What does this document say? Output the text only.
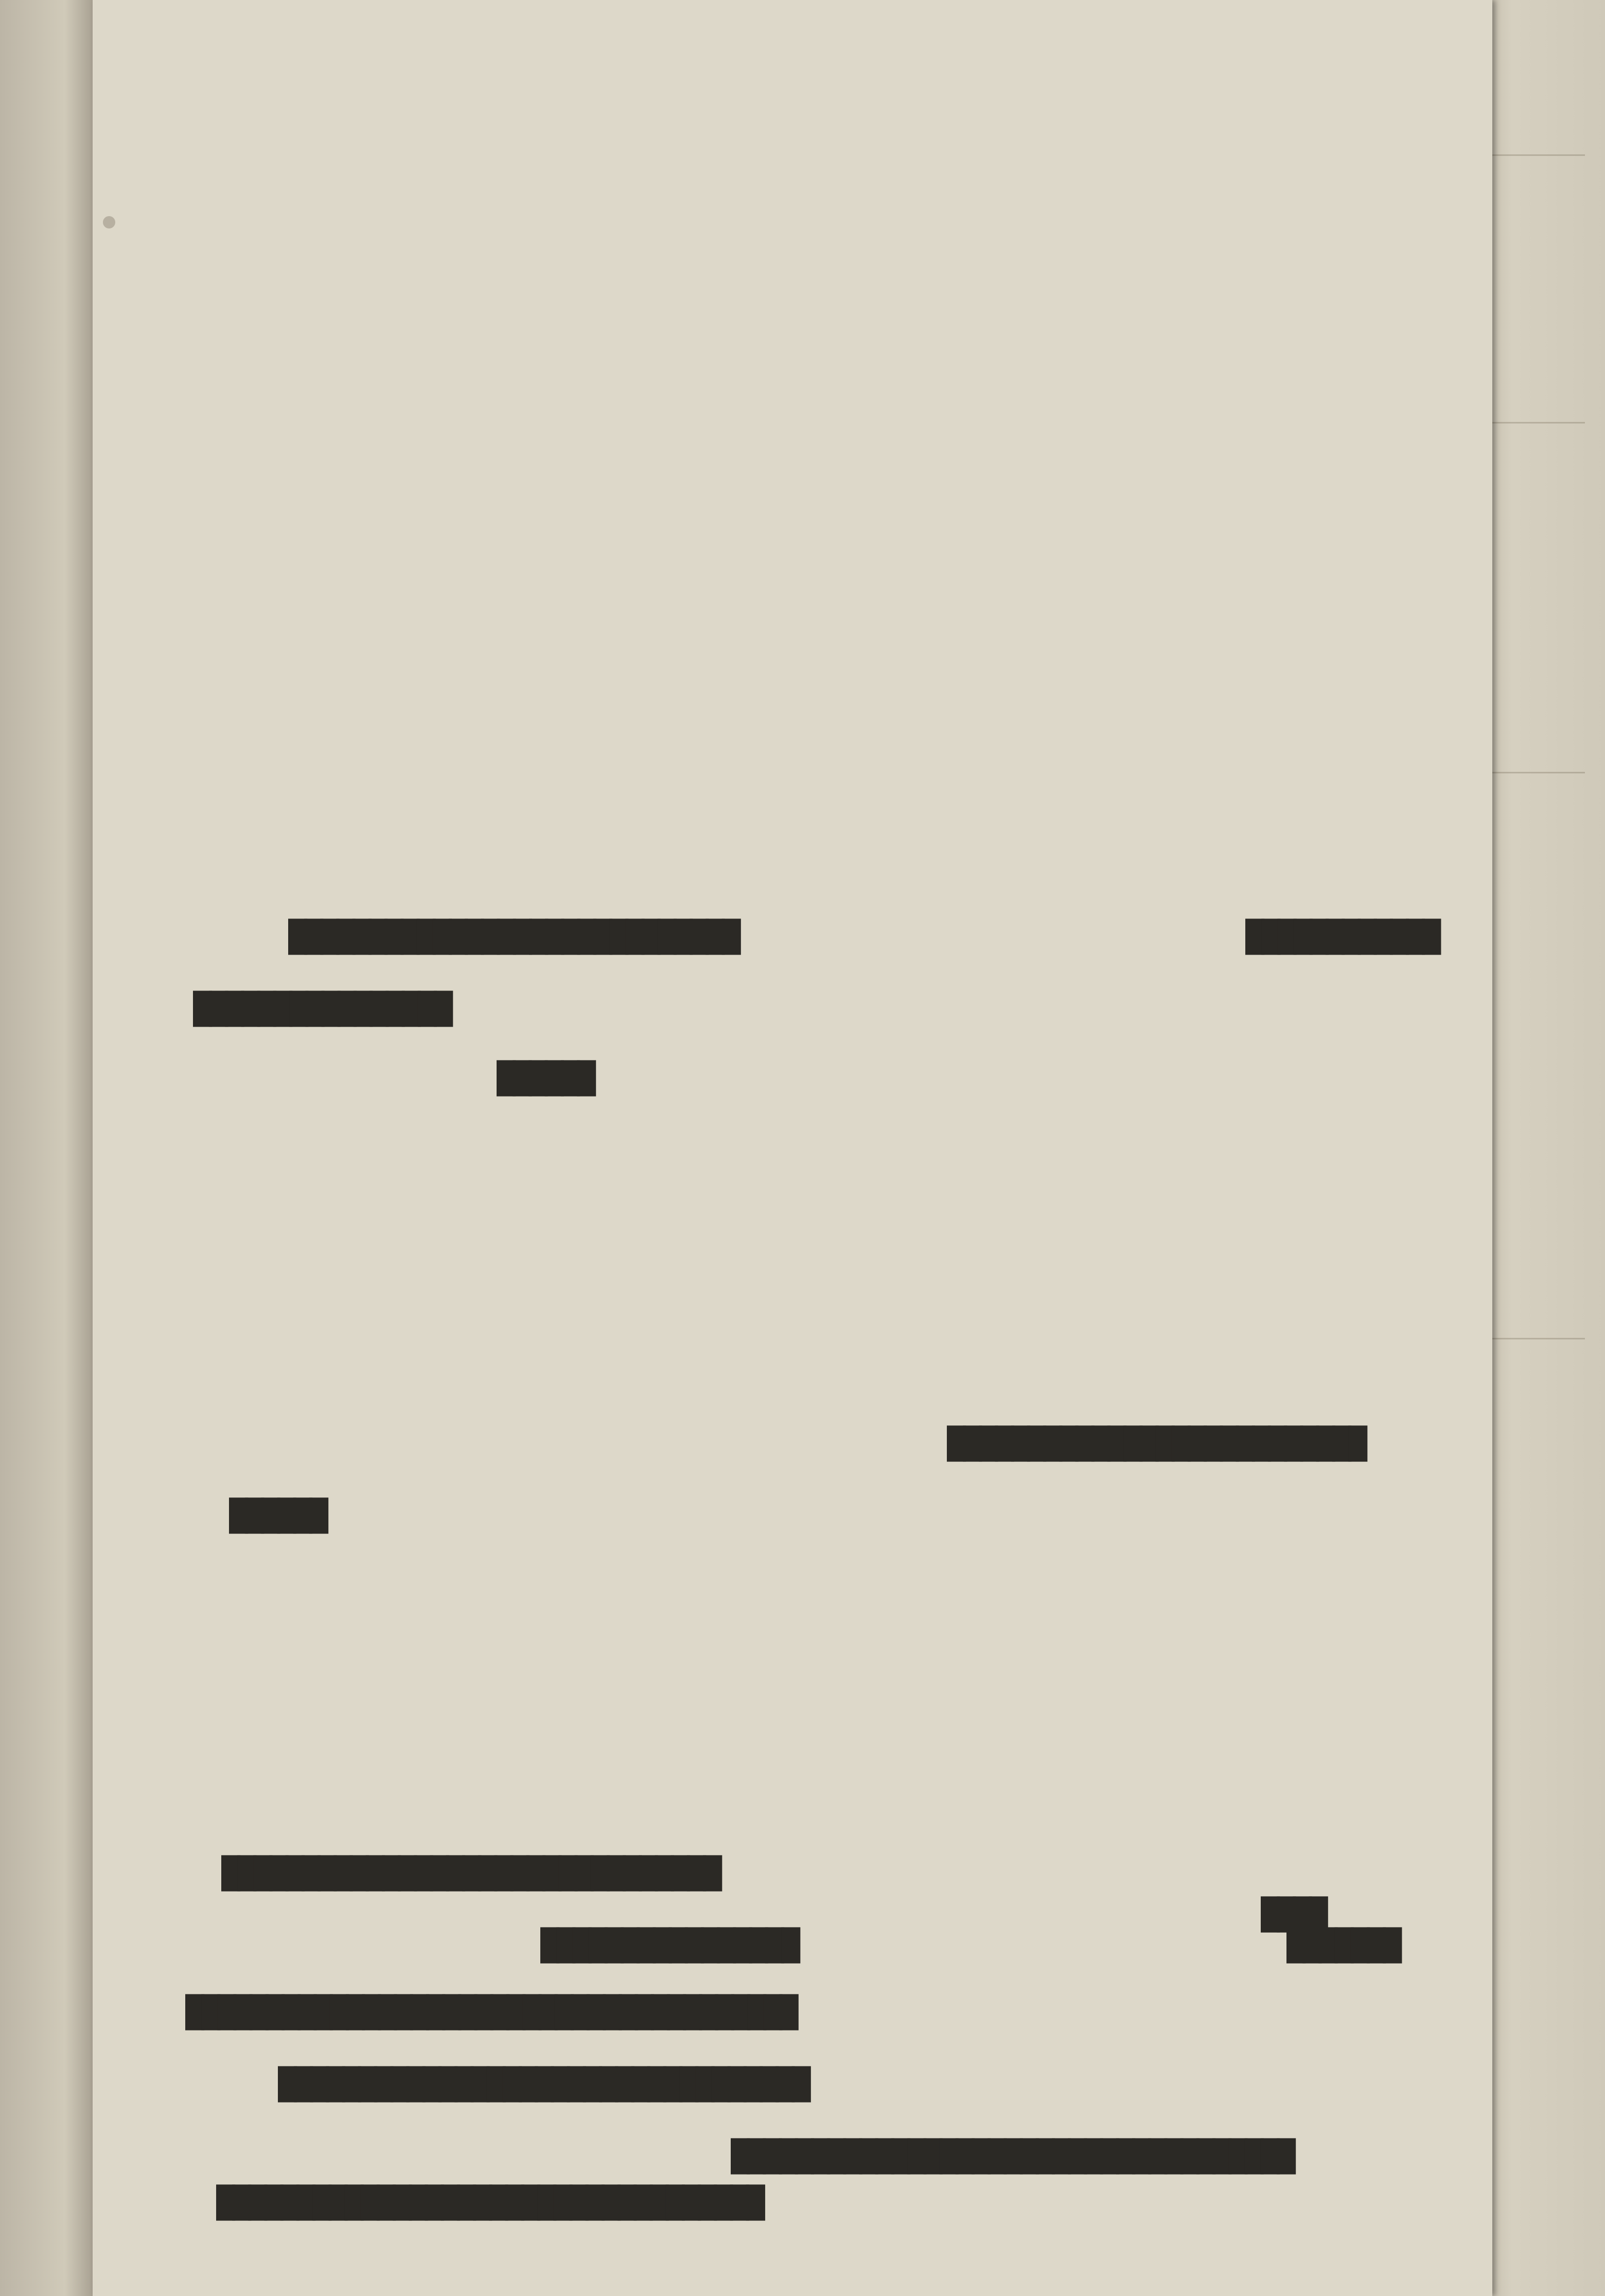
████████████████████████████	████████████
████████████████
██████
██████████████████████████
██████
███████████████████████████████
████
████████████████	███████
██████████████████████████████████████
█████████████████████████████████
███████████████████████████████████
██████████████████████████████████
